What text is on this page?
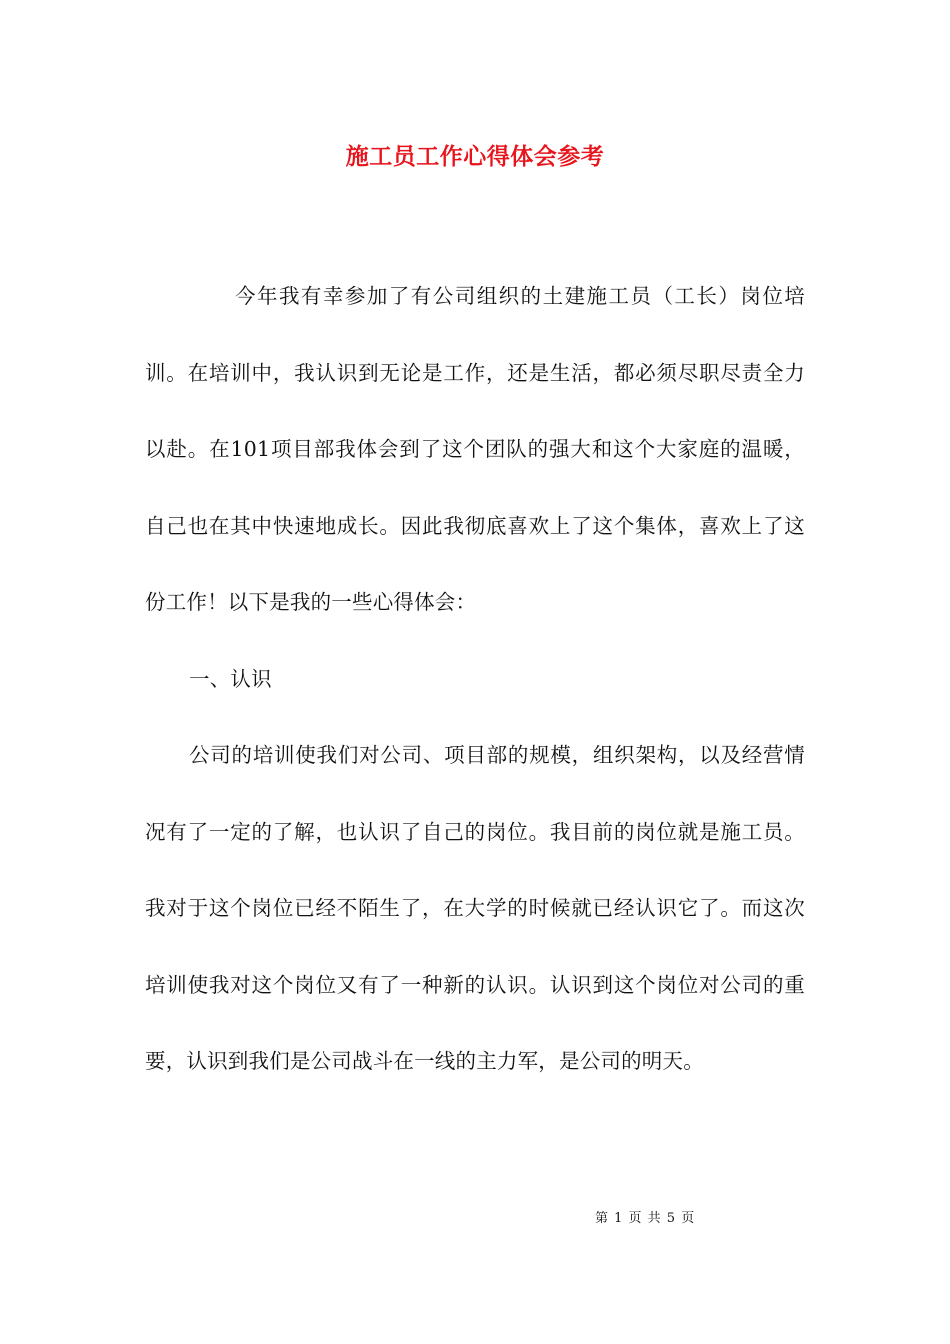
施工员工作心得体会参考

今年我有幸参加了有公司组织的土建施工员（工长）岗位培训。在培训中，我认识到无论是工作，还是生活，都必须尽职尽责全力以赴。在101项目部我体会到了这个团队的强大和这个大家庭的温暖，自己也在其中快速地成长。因此我彻底喜欢上了这个集体，喜欢上了这份工作！以下是我的一些心得体会：

一、认识

公司的培训使我们对公司、项目部的规模，组织架构，以及经营情况有了一定的了解，也认识了自己的岗位。我目前的岗位就是施工员。我对于这个岗位已经不陌生了，在大学的时候就已经认识它了。而这次培训使我对这个岗位又有了一种新的认识。认识到这个岗位对公司的重要，认识到我们是公司战斗在一线的主力军，是公司的明天。

第 1 页 共 5 页
